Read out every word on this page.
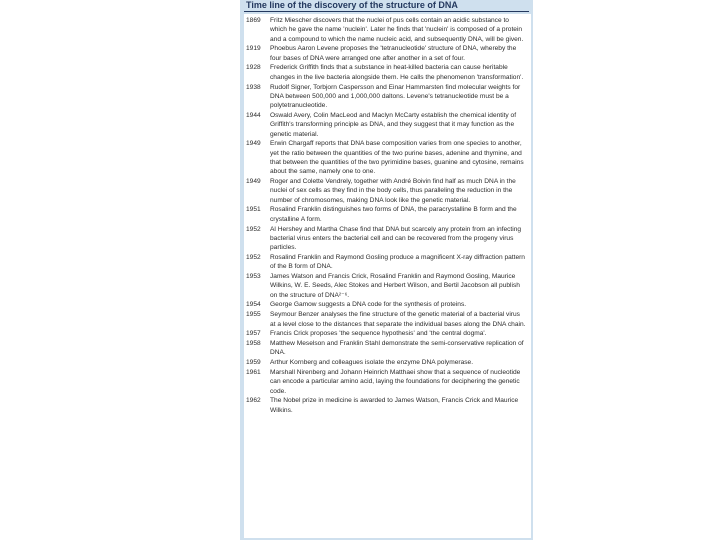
Time line of the discovery of the structure of DNA
1869	Fritz Miescher discovers that the nuclei of pus cells contain an acidic substance to which he gave the name 'nuclein'. Later he finds that 'nuclein' is composed of a protein and a compound to which the name nucleic acid, and subsequently DNA, will be given.
1919	Phoebus Aaron Levene proposes the 'tetranucleotide' structure of DNA, whereby the four bases of DNA were arranged one after another in a set of four.
1928	Frederick Griffith finds that a substance in heat-killed bacteria can cause heritable changes in the live bacteria alongside them. He calls the phenomenon 'transformation'.
1938	Rudolf Signer, Torbjorn Caspersson and Einar Hammarsten find molecular weights for DNA between 500,000 and 1,000,000 daltons. Levene's tetranucleotide must be a polytetranucleotide.
1944	Oswald Avery, Colin MacLeod and Maclyn McCarty establish the chemical identity of Griffith's transforming principle as DNA, and they suggest that it may function as the genetic material.
1949	Erwin Chargaff reports that DNA base composition varies from one species to another, yet the ratio between the quantities of the two purine bases, adenine and thymine, and that between the quantities of the two pyrimidine bases, guanine and cytosine, remains about the same, namely one to one.
1949	Roger and Colette Vendrely, together with André Boivin find half as much DNA in the nuclei of sex cells as they find in the body cells, thus paralleling the reduction in the number of chromosomes, making DNA look like the genetic material.
1951	Rosalind Franklin distinguishes two forms of DNA, the paracrystalline B form and the crystalline A form.
1952	Al Hershey and Martha Chase find that DNA but scarcely any protein from an infecting bacterial virus enters the bacterial cell and can be recovered from the progeny virus particles.
1952	Rosalind Franklin and Raymond Gosling produce a magnificent X-ray diffraction pattern of the B form of DNA.
1953	James Watson and Francis Crick, Rosalind Franklin and Raymond Gosling, Maurice Wilkins, W. E. Seeds, Alec Stokes and Herbert Wilson, and Bertil Jacobson all publish on the structure of DNA²⁻⁶.
1954	George Gamow suggests a DNA code for the synthesis of proteins.
1955	Seymour Benzer analyses the fine structure of the genetic material of a bacterial virus at a level close to the distances that separate the individual bases along the DNA chain.
1957	Francis Crick proposes 'the sequence hypothesis' and 'the central dogma'.
1958	Matthew Meselson and Franklin Stahl demonstrate the semi-conservative replication of DNA.
1959	Arthur Kornberg and colleagues isolate the enzyme DNA polymerase.
1961	Marshall Nirenberg and Johann Heinrich Matthaei show that a sequence of nucleotide can encode a particular amino acid, laying the foundations for deciphering the genetic code.
1962	The Nobel prize in medicine is awarded to James Watson, Francis Crick and Maurice Wilkins.
